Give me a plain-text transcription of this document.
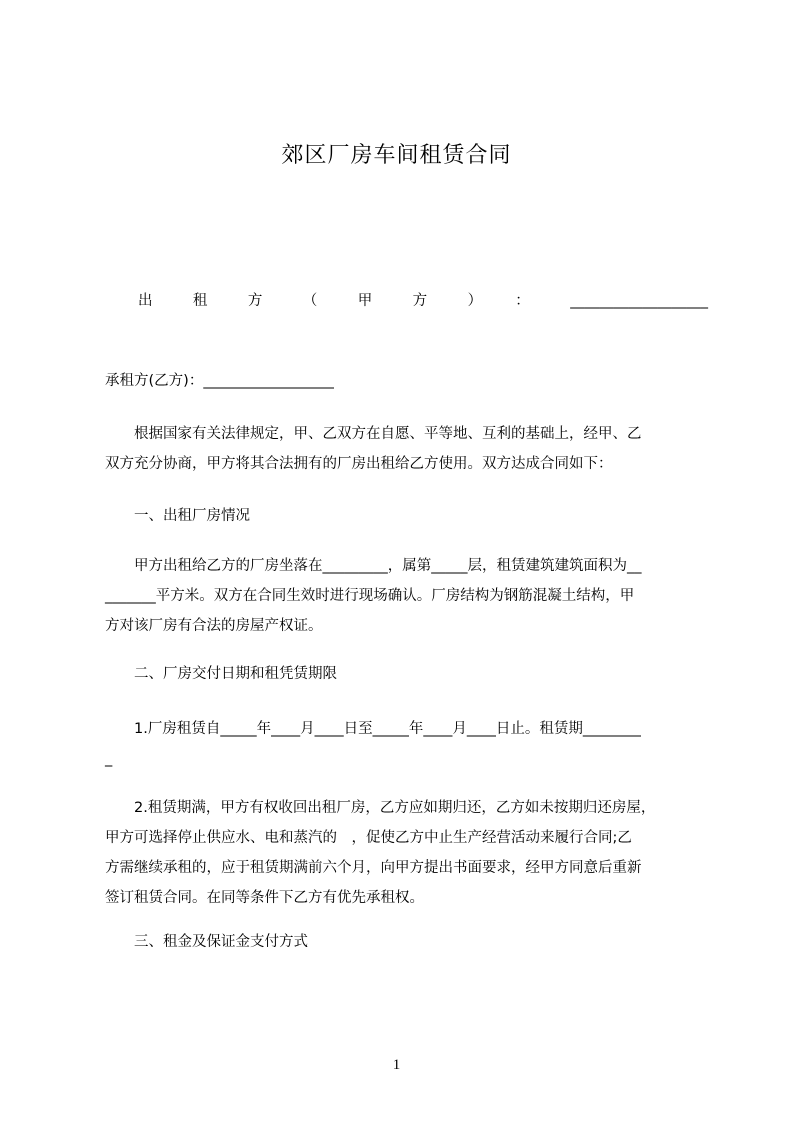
郊区厂房车间租赁合同
出租方（甲方）：___________________
承租方(乙方)：__________________
　　根据国家有关法律规定，甲、乙双方在自愿、平等地、互利的基础上，经甲、乙
双方充分协商，甲方将其合法拥有的厂房出租给乙方使用。双方达成合同如下：
　　一、出租厂房情况
　　甲方出租给乙方的厂房坐落在_________，属第_____层，租赁建筑建筑面积为__
_______平方米。双方在合同生效时进行现场确认。厂房结构为钢筋混凝土结构，甲
方对该厂房有合法的房屋产权证。
　　二、厂房交付日期和租凭赁期限
　　1.厂房租赁自_____年____月____日至_____年____月____日止。租赁期________
_
　　2.租赁期满，甲方有权收回出租厂房，乙方应如期归还，乙方如未按期归还房屋，
甲方可选择停止供应水、电和蒸汽的　，促使乙方中止生产经营活动来履行合同;乙
方需继续承租的，应于租赁期满前六个月，向甲方提出书面要求，经甲方同意后重新
签订租赁合同。在同等条件下乙方有优先承租权。
　　三、租金及保证金支付方式
1
